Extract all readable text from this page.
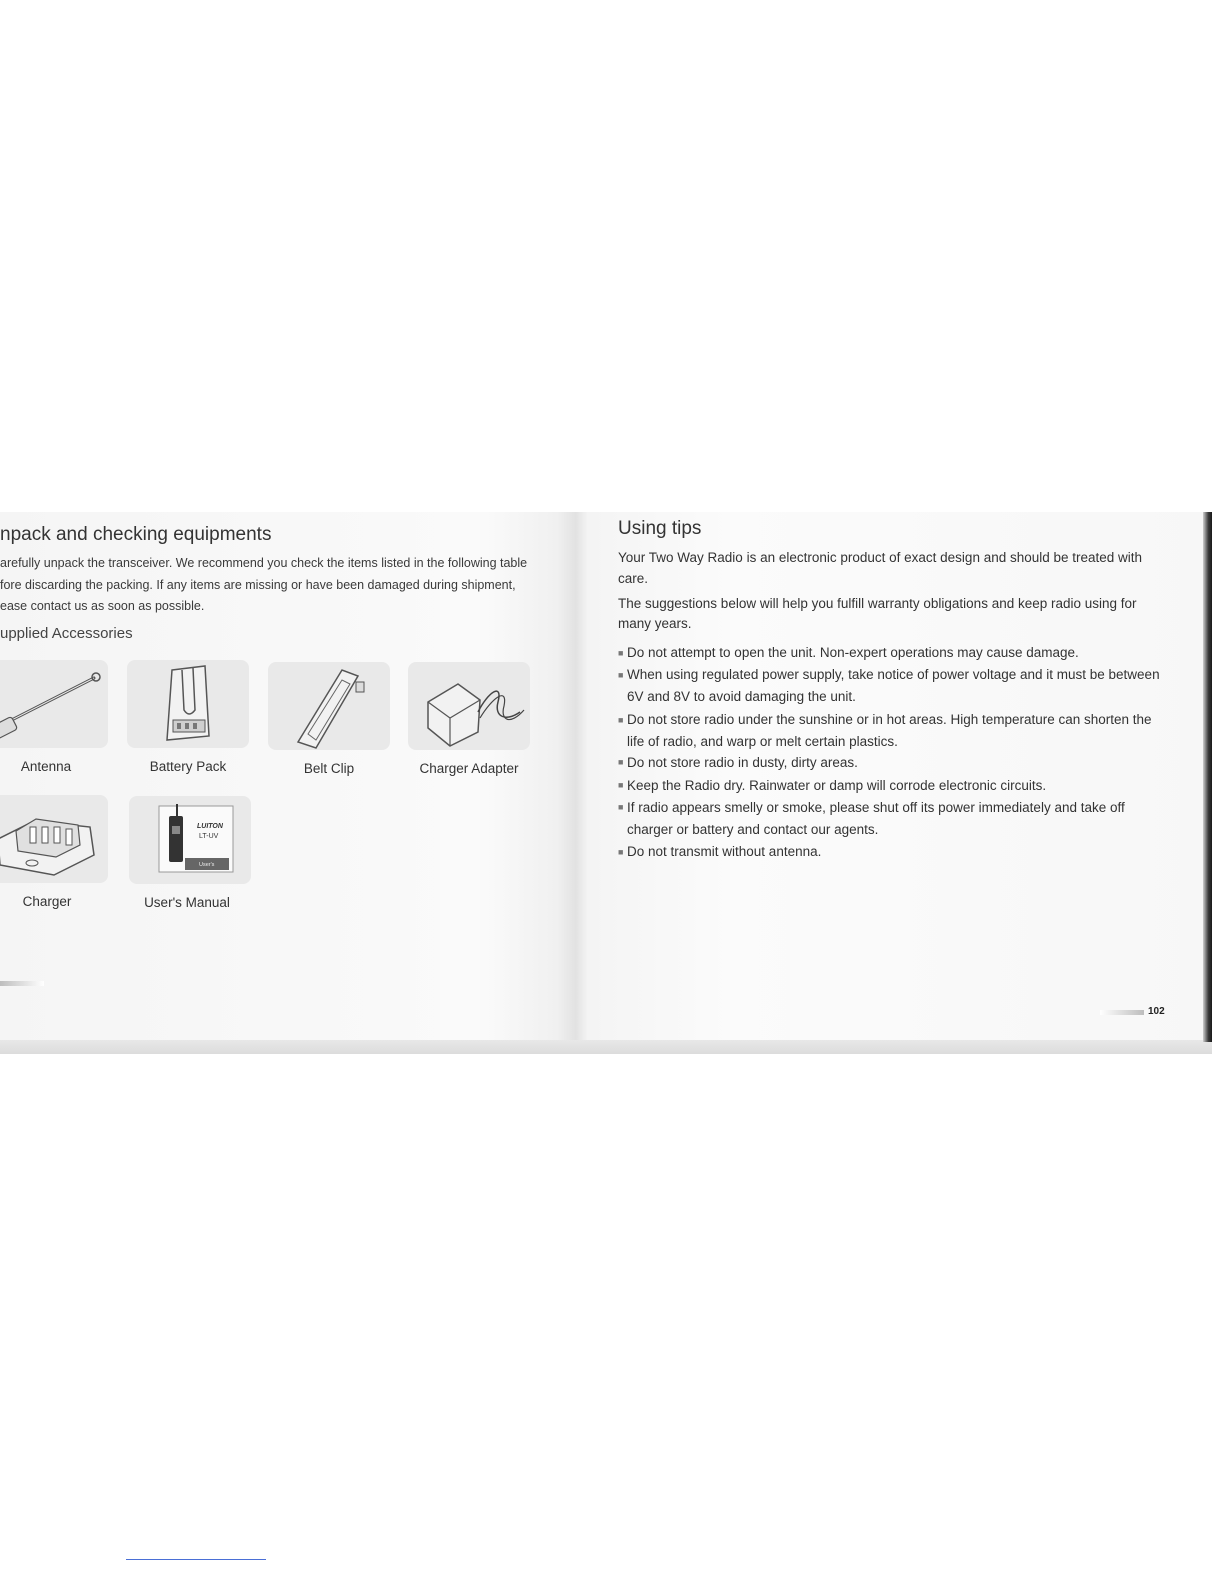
npack and checking equipments
arefully unpack the transceiver. We recommend you check the items listed in the following table
fore discarding the packing. If any items are missing or have been damaged during shipment,
ease contact us as soon as possible.
upplied Accessories
Antenna	Battery Pack	Belt Clip	Charger Adapter
Charger
LUITON
LT-UV
User's
User's Manual
Using tips
Your Two Way Radio is an electronic product of exact design and should be treated with
care.
The suggestions below will help you fulfill warranty obligations and keep radio using for
many years.
■ Do not attempt to open the unit. Non-expert operations may cause damage.
■ When using regulated power supply, take notice of power voltage and it must be between
6V and 8V to avoid damaging the unit.
■ Do not store radio under the sunshine or in hot areas. High temperature can shorten the
life of radio, and warp or melt certain plastics.
■ Do not store radio in dusty, dirty areas.
■ Keep the Radio dry. Rainwater or damp will corrode electronic circuits.
■ If radio appears smelly or smoke, please shut off its power immediately and take off
charger or battery and contact our agents.
■ Do not transmit without antenna.
102
